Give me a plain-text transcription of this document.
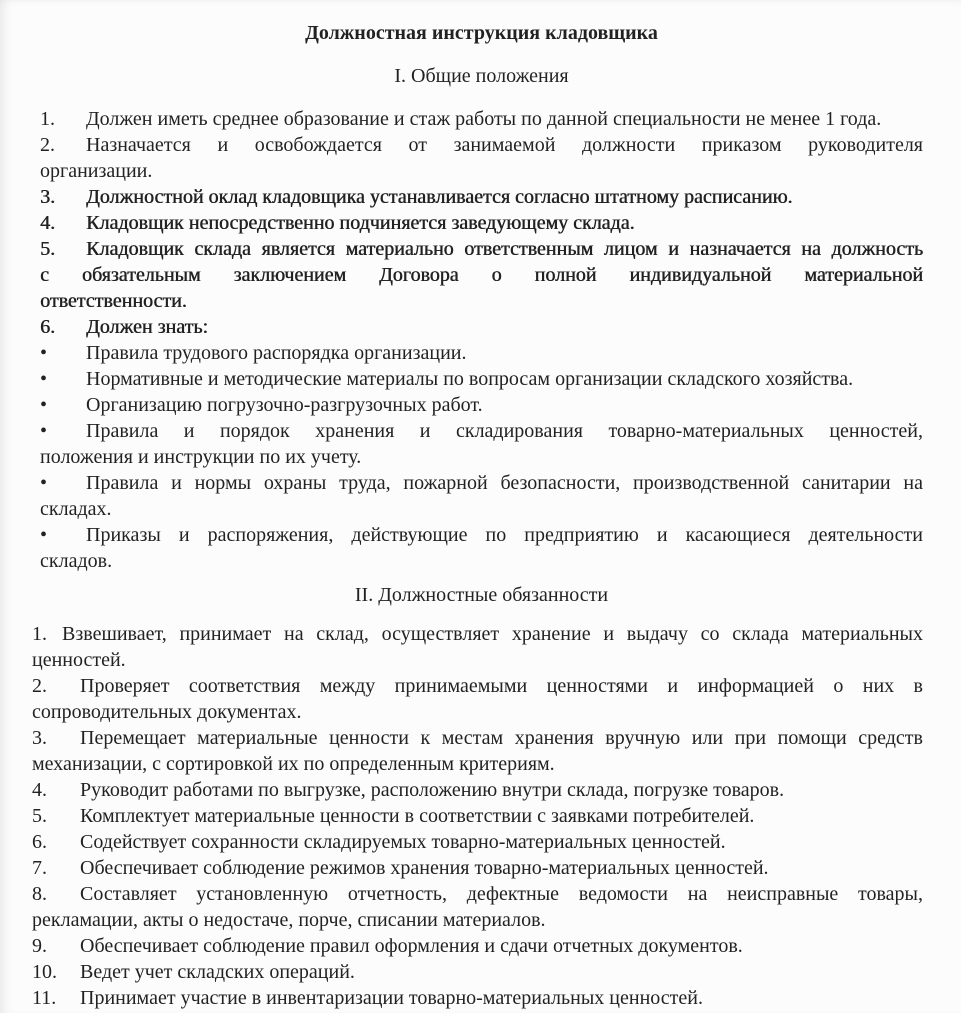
Должностная инструкция кладовщика
I. Общие положения
1. Должен иметь среднее образование и стаж работы по данной специальности не менее 1 года.
2. Назначается и освобождается от занимаемой должности приказом руководителя
организации.
3. Должностной оклад кладовщика устанавливается согласно штатному расписанию.
4. Кладовщик непосредственно подчиняется заведующему склада.
5. Кладовщик склада является материально ответственным лицом и назначается на должность
с обязательным заключением Договора о полной индивидуальной материальной
ответственности.
6. Должен знать:
• Правила трудового распорядка организации.
• Нормативные и методические материалы по вопросам организации складского хозяйства.
• Организацию погрузочно-разгрузочных работ.
• Правила и порядок хранения и складирования товарно-материальных ценностей,
положения и инструкции по их учету.
• Правила и нормы охраны труда, пожарной безопасности, производственной санитарии на
складах.
• Приказы и распоряжения, действующие по предприятию и касающиеся деятельности
складов.
II. Должностные обязанности
1. Взвешивает, принимает на склад, осуществляет хранение и выдачу со склада материальных
ценностей.
2. Проверяет соответствия между принимаемыми ценностями и информацией о них в
сопроводительных документах.
3. Перемещает материальные ценности к местам хранения вручную или при помощи средств
механизации, с сортировкой их по определенным критериям.
4. Руководит работами по выгрузке, расположению внутри склада, погрузке товаров.
5. Комплектует материальные ценности в соответствии с заявками потребителей.
6. Содействует сохранности складируемых товарно-материальных ценностей.
7. Обеспечивает соблюдение режимов хранения товарно-материальных ценностей.
8. Составляет установленную отчетность, дефектные ведомости на неисправные товары,
рекламации, акты о недостаче, порче, списании материалов.
9. Обеспечивает соблюдение правил оформления и сдачи отчетных документов.
10. Ведет учет складских операций.
11. Принимает участие в инвентаризации товарно-материальных ценностей.
